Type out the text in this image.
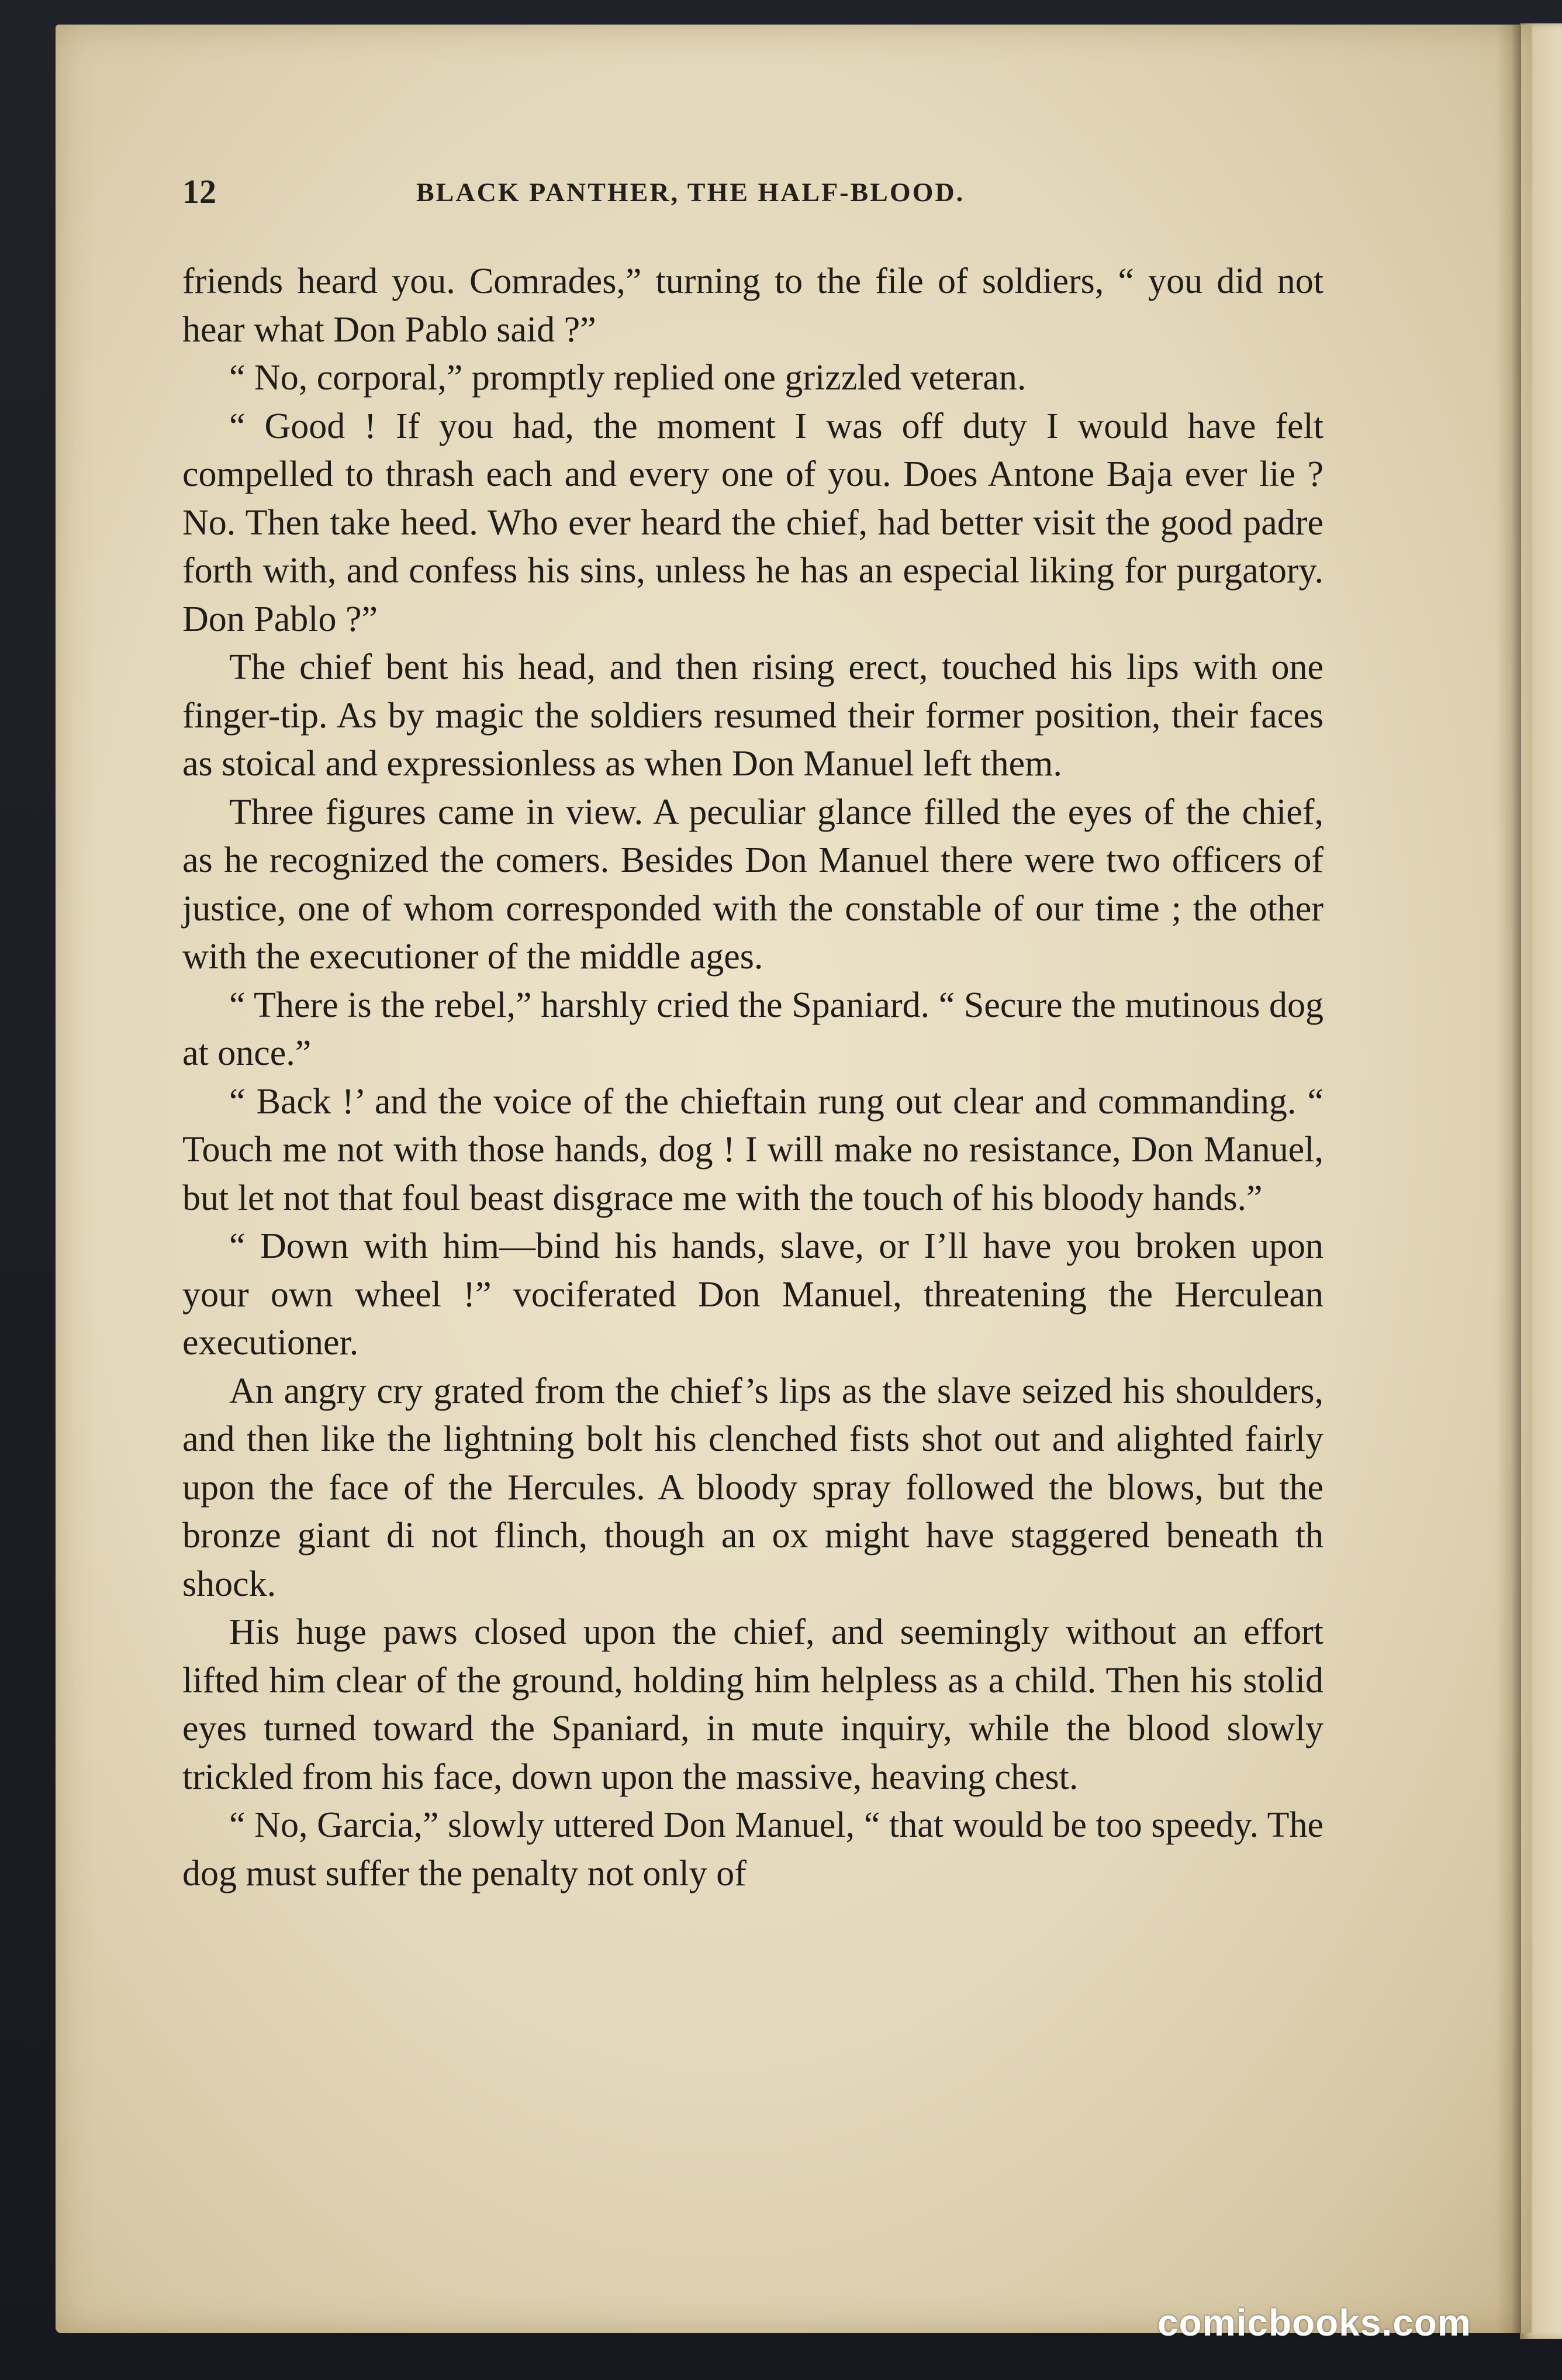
12	BLACK PANTHER, THE HALF-BLOOD.

friends heard you. Comrades,” turning to the file of soldiers, “ you did not hear what Don Pablo said ?”

“ No, corporal,” promptly replied one grizzled veteran.

“ Good ! If you had, the moment I was off duty I would have felt compelled to thrash each and every one of you. Does Antone Baja ever lie ? No. Then take heed. Who ever heard the chief, had better visit the good padre forth with, and confess his sins, unless he has an especial liking for purgatory. Don Pablo ?”

The chief bent his head, and then rising erect, touched his lips with one finger-tip. As by magic the soldiers resumed their former position, their faces as stoical and expressionless as when Don Manuel left them.

Three figures came in view. A peculiar glance filled the eyes of the chief, as he recognized the comers. Besides Don Manuel there were two officers of justice, one of whom corresponded with the constable of our time ; the other with the executioner of the middle ages.

“ There is the rebel,” harshly cried the Spaniard. “ Secure the mutinous dog at once.”

“ Back !’ and the voice of the chieftain rung out clear and commanding. “ Touch me not with those hands, dog ! I will make no resistance, Don Manuel, but let not that foul beast disgrace me with the touch of his bloody hands.”

“ Down with him—bind his hands, slave, or I’ll have you broken upon your own wheel !” vociferated Don Manuel, threatening the Herculean executioner.

An angry cry grated from the chief’s lips as the slave seized his shoulders, and then like the lightning bolt his clenched fists shot out and alighted fairly upon the face of the Hercules. A bloody spray followed the blows, but the bronze giant di not flinch, though an ox might have staggered beneath th shock.

His huge paws closed upon the chief, and seemingly without an effort lifted him clear of the ground, holding him helpless as a child. Then his stolid eyes turned toward the Spaniard, in mute inquiry, while the blood slowly trickled from his face, down upon the massive, heaving chest.

“ No, Garcia,” slowly uttered Don Manuel, “ that would be too speedy. The dog must suffer the penalty not only of

comicbooks.com
